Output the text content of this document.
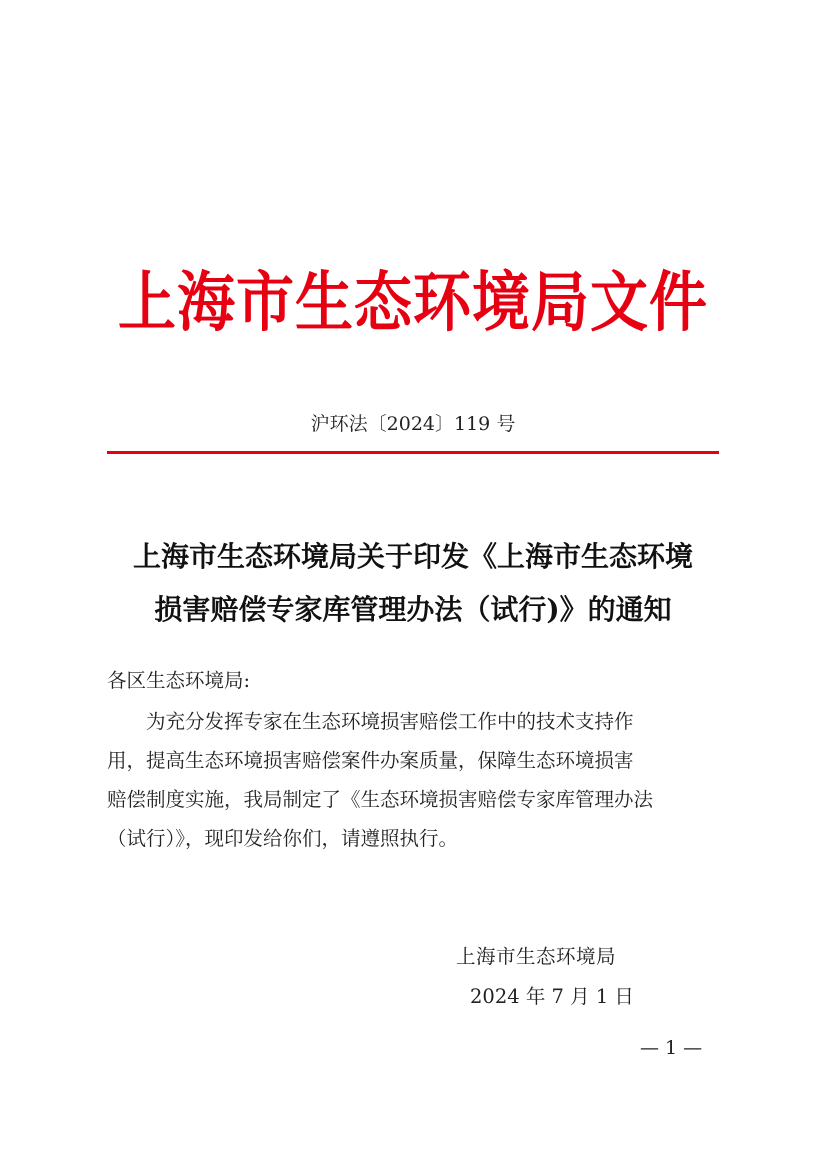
上海市生态环境局文件
沪环法〔2024〕119 号
上海市生态环境局关于印发《上海市生态环境
损害赔偿专家库管理办法（试行)》的通知
各区生态环境局:
为充分发挥专家在生态环境损害赔偿工作中的技术支持作
用，提高生态环境损害赔偿案件办案质量，保障生态环境损害
赔偿制度实施，我局制定了《生态环境损害赔偿专家库管理办法
（试行）》，现印发给你们，请遵照执行。
上海市生态环境局
2024 年 7 月 1 日
— 1 —
